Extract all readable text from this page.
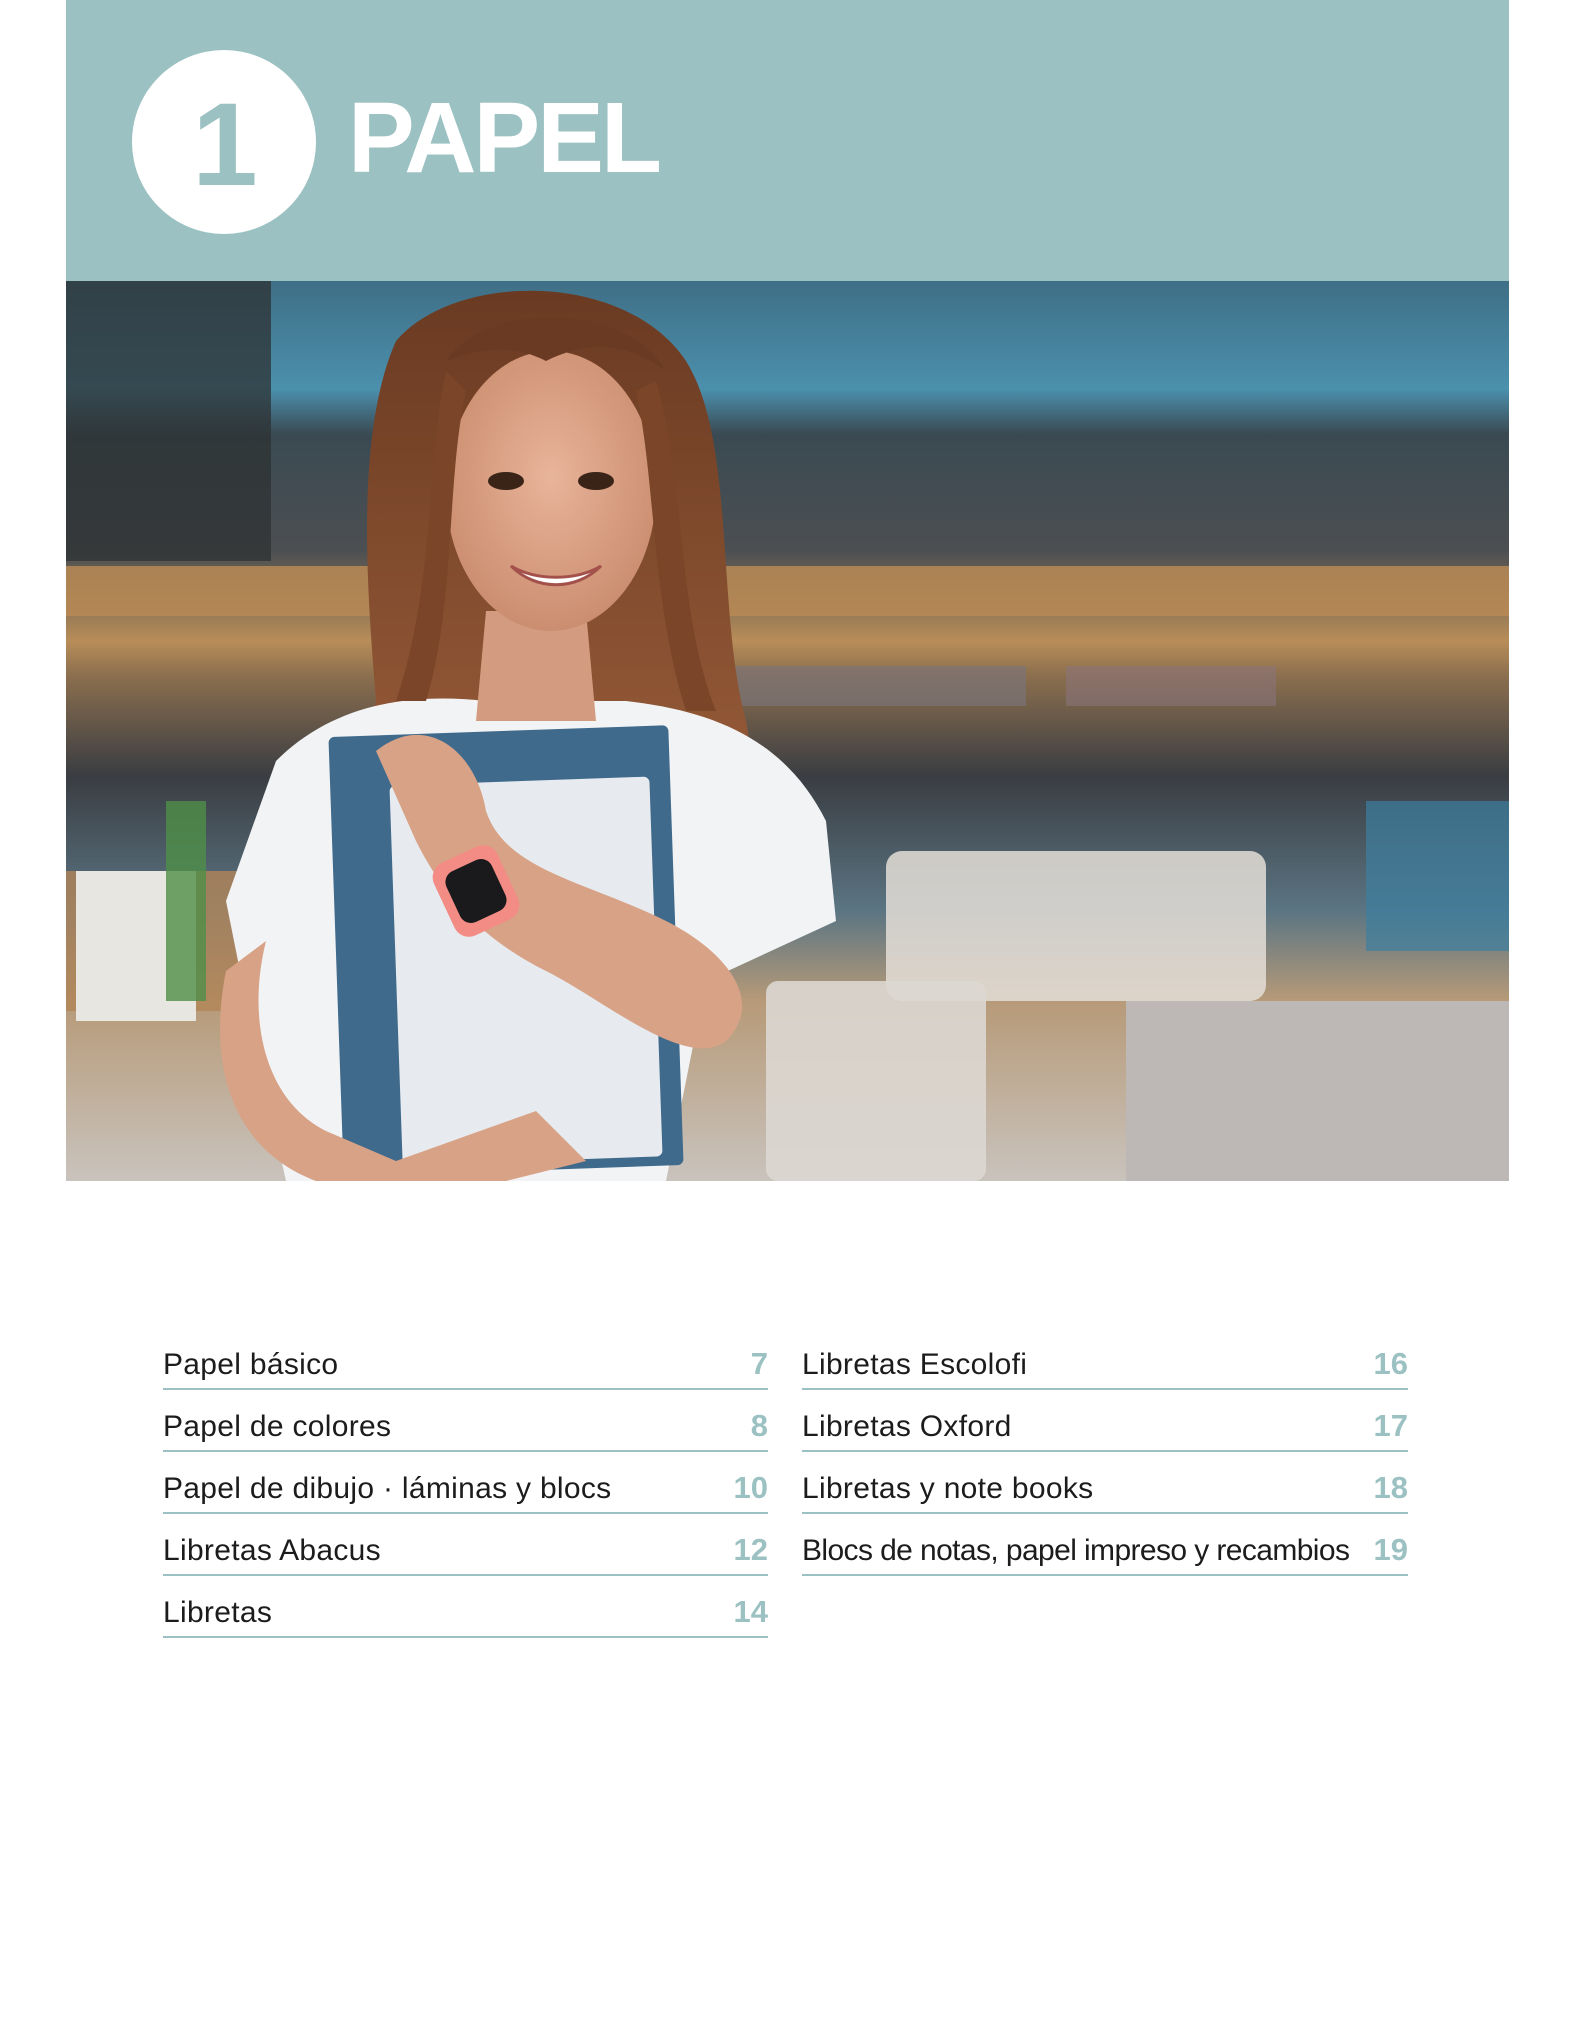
1 PAPEL
Papel básico	7
Papel de colores	8
Papel de dibujo · láminas y blocs	10
Libretas Abacus	12
Libretas	14
Libretas Escolofi	16
Libretas Oxford	17
Libretas y note books	18
Blocs de notas, papel impreso y recambios 19
